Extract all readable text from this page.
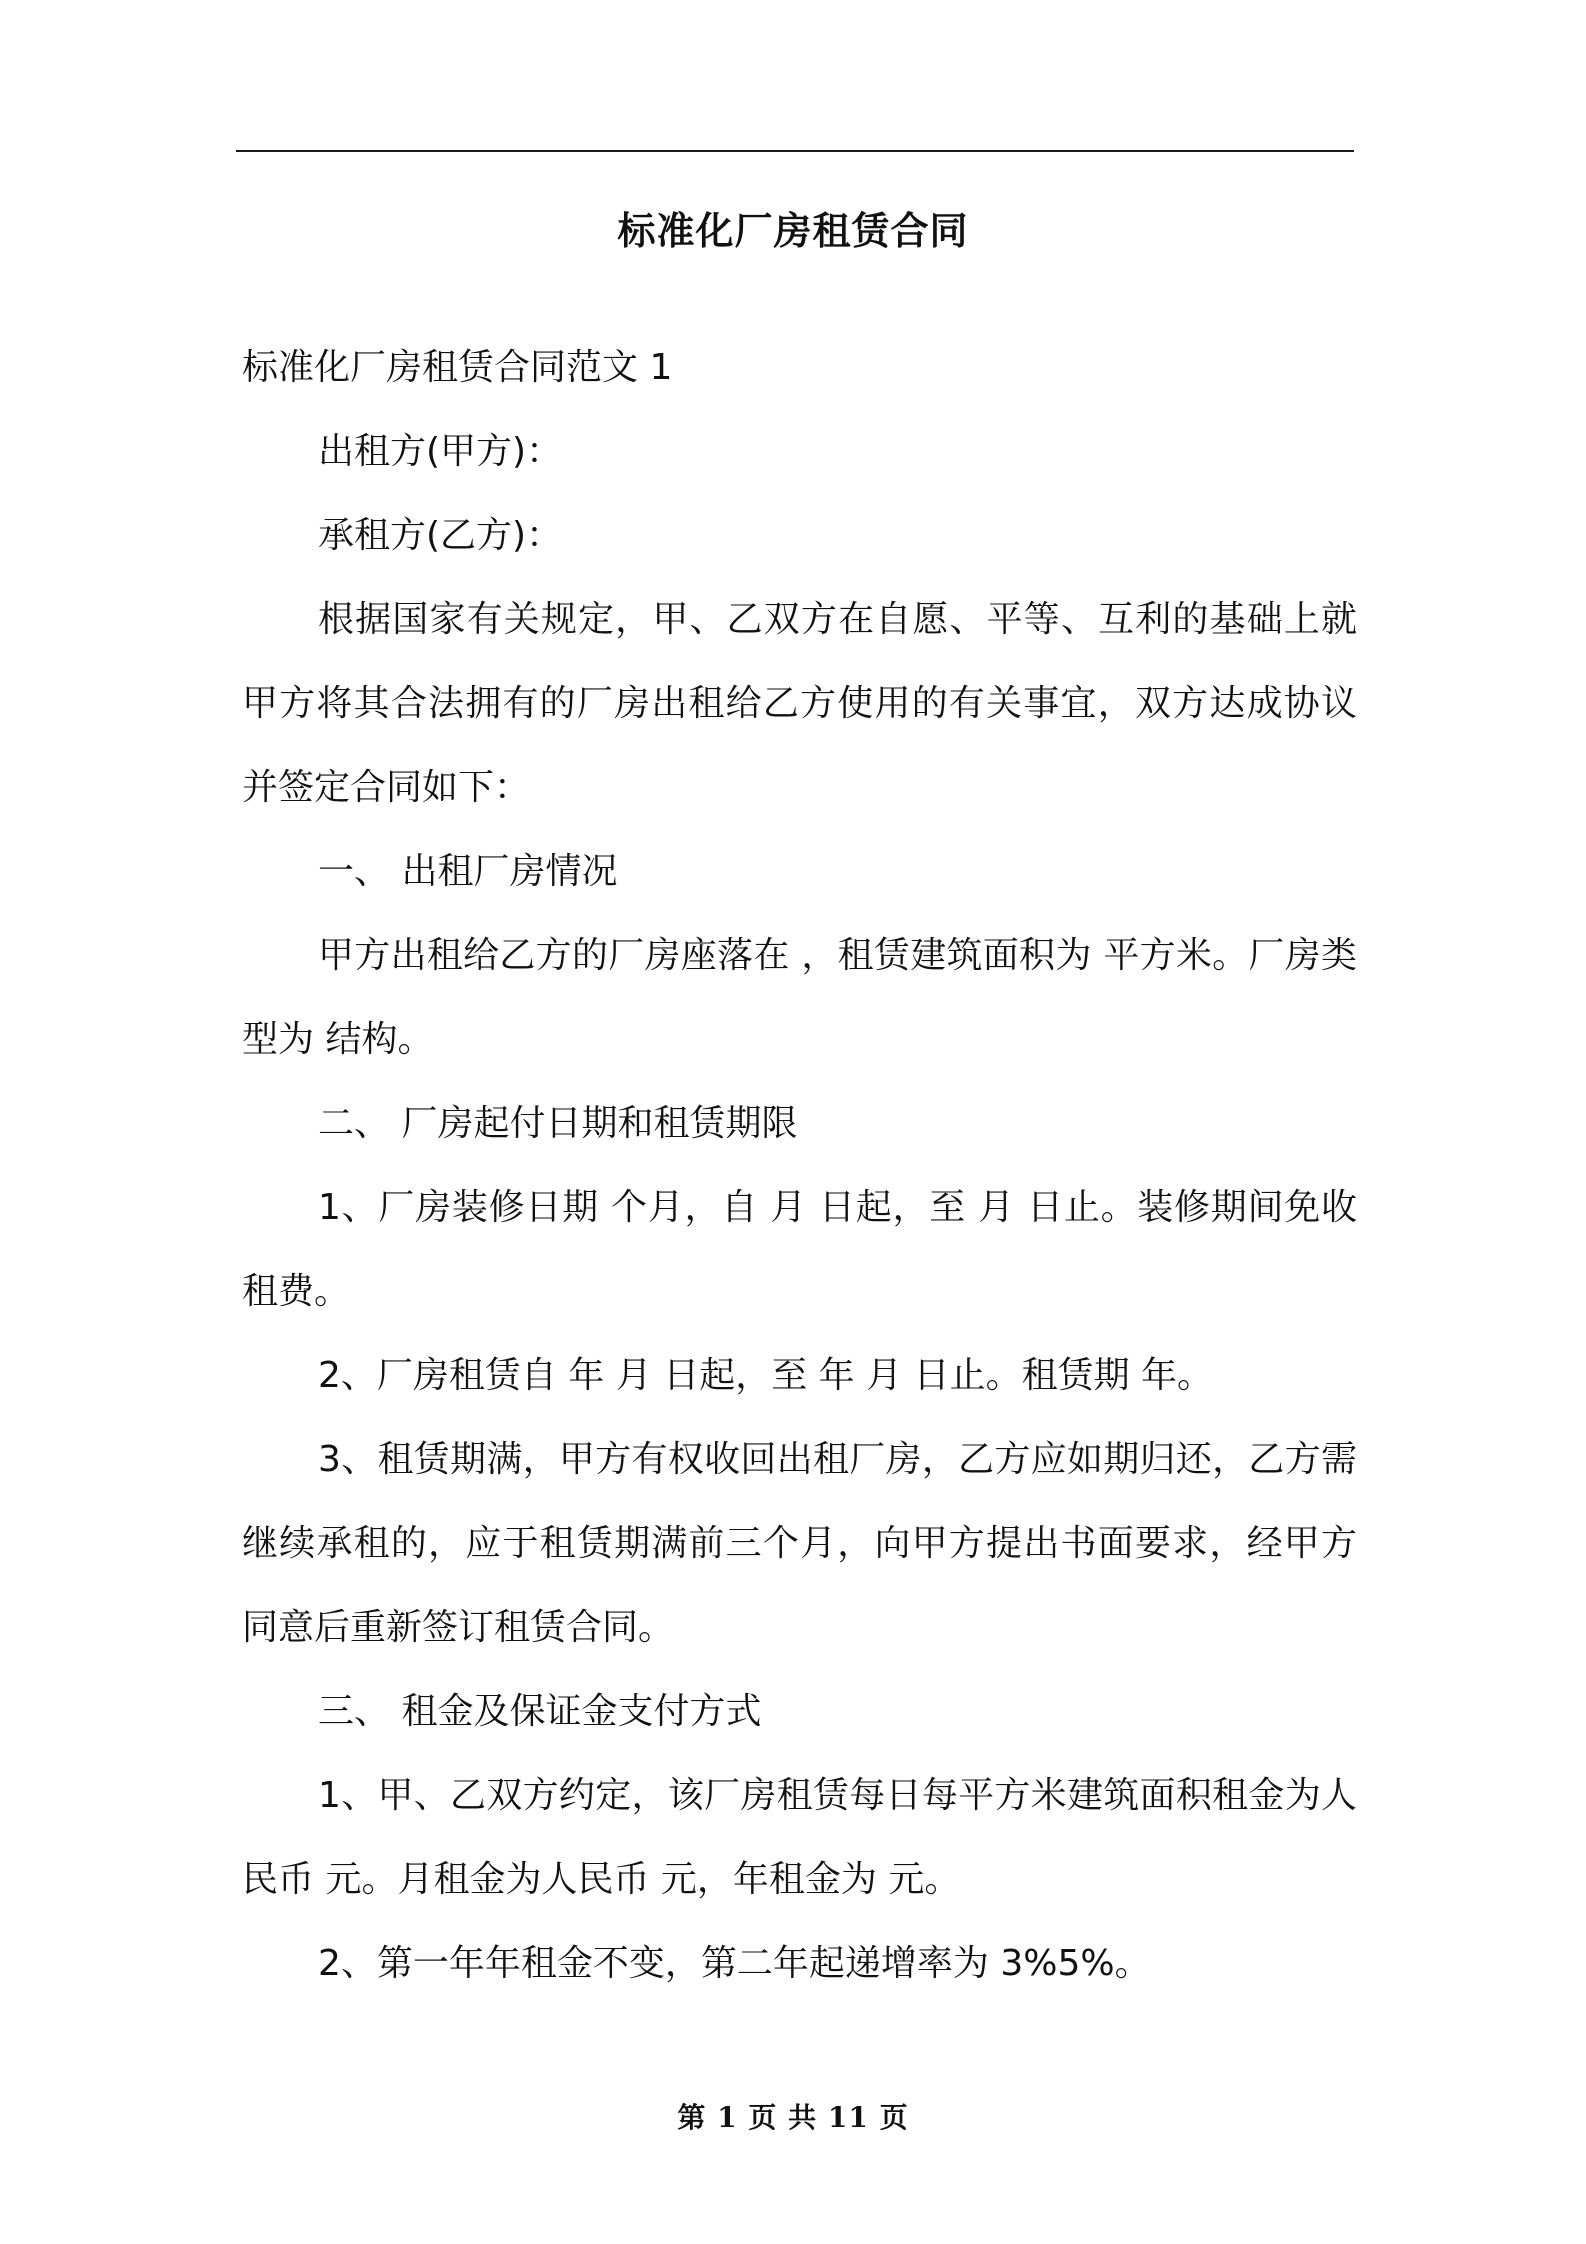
标准化厂房租赁合同

标准化厂房租赁合同范文 1

出租方(甲方)：

承租方(乙方)：

根据国家有关规定，甲、乙双方在自愿、平等、互利的基础上就甲方将其合法拥有的厂房出租给乙方使用的有关事宜，双方达成协议并签定合同如下：

一、 出租厂房情况

甲方出租给乙方的厂房座落在 ，租赁建筑面积为 平方米。厂房类型为 结构。

二、 厂房起付日期和租赁期限

1、厂房装修日期 个月，自 月 日起，至 月 日止。装修期间免收租费。

2、厂房租赁自 年 月 日起，至 年 月 日止。租赁期 年。

3、租赁期满，甲方有权收回出租厂房，乙方应如期归还，乙方需继续承租的，应于租赁期满前三个月，向甲方提出书面要求，经甲方同意后重新签订租赁合同。

三、 租金及保证金支付方式

1、甲、乙双方约定，该厂房租赁每日每平方米建筑面积租金为人民币 元。月租金为人民币 元，年租金为 元。

2、第一年年租金不变，第二年起递增率为 3%5%。

第 1 页 共 11 页
